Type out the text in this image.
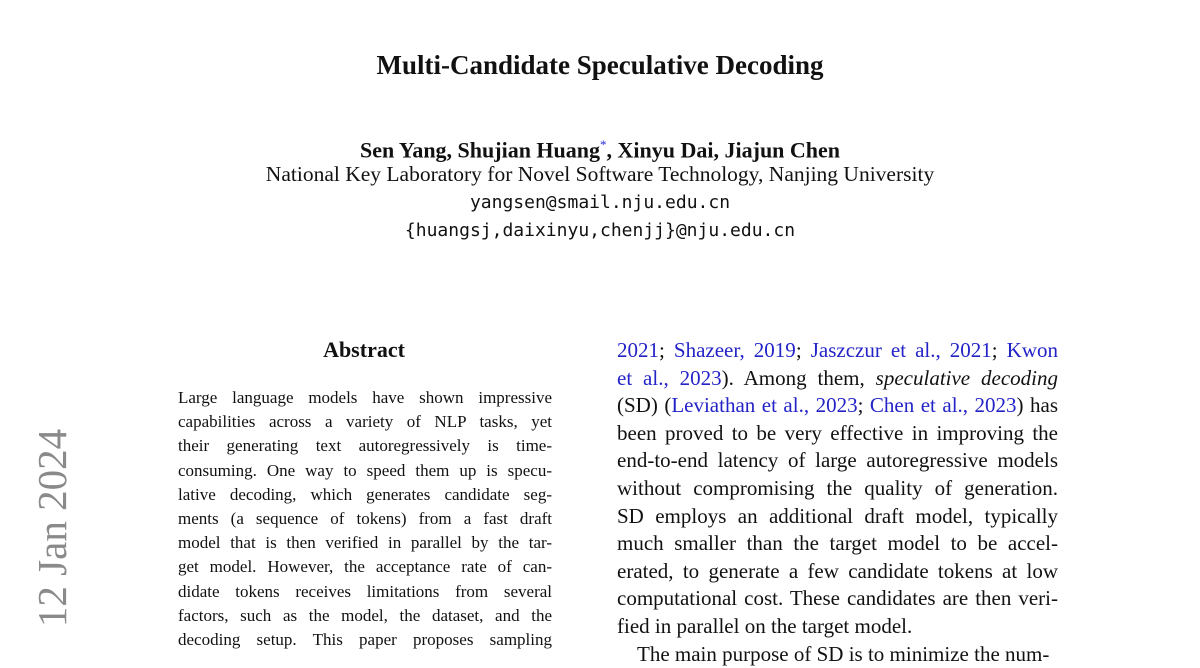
Multi-Candidate Speculative Decoding
Sen Yang, Shujian Huang*, Xinyu Dai, Jiajun Chen
National Key Laboratory for Novel Software Technology, Nanjing University
yangsen@smail.nju.edu.cn
{huangsj,daixinyu,chenjj}@nju.edu.cn
12 Jan 2024
Abstract
Large language models have shown impressive
capabilities across a variety of NLP tasks, yet
their generating text autoregressively is time-
consuming. One way to speed them up is specu-
lative decoding, which generates candidate seg-
ments (a sequence of tokens) from a fast draft
model that is then verified in parallel by the tar-
get model. However, the acceptance rate of can-
didate tokens receives limitations from several
factors, such as the model, the dataset, and the
decoding setup. This paper proposes sampling
2021; Shazeer, 2019; Jaszczur et al., 2021; Kwon
et al., 2023). Among them, speculative decoding
(SD) (Leviathan et al., 2023; Chen et al., 2023) has
been proved to be very effective in improving the
end-to-end latency of large autoregressive models
without compromising the quality of generation.
SD employs an additional draft model, typically
much smaller than the target model to be accel-
erated, to generate a few candidate tokens at low
computational cost. These candidates are then veri-
fied in parallel on the target model.
The main purpose of SD is to minimize the num-
